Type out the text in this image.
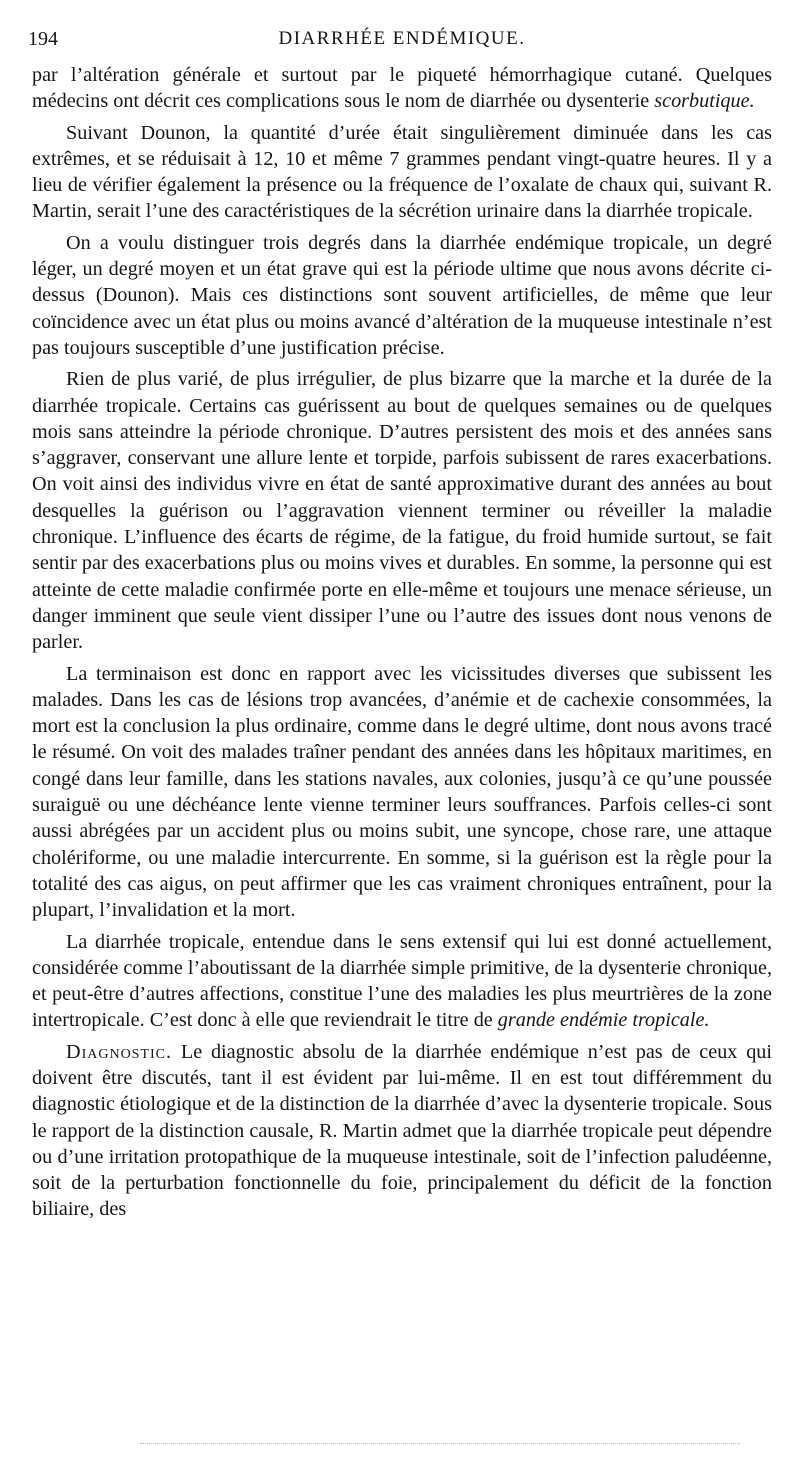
194	DIARRHÉE ENDÉMIQUE.

par l’altération générale et surtout par le piqueté hémorrhagique cutané. Quelques médecins ont décrit ces complications sous le nom de diarrhée ou dysenterie scorbutique.

Suivant Dounon, la quantité d’urée était singulièrement diminuée dans les cas extrêmes, et se réduisait à 12, 10 et même 7 grammes pendant vingt-quatre heures. Il y a lieu de vérifier également la présence ou la fréquence de l’oxalate de chaux qui, suivant R. Martin, serait l’une des caractéristiques de la sécrétion urinaire dans la diarrhée tropicale.

On a voulu distinguer trois degrés dans la diarrhée endémique tropicale, un degré léger, un degré moyen et un état grave qui est la période ultime que nous avons décrite ci-dessus (Dounon). Mais ces distinctions sont souvent artificielles, de même que leur coïncidence avec un état plus ou moins avancé d’altération de la muqueuse intestinale n’est pas toujours susceptible d’une justification précise.

Rien de plus varié, de plus irrégulier, de plus bizarre que la marche et la durée de la diarrhée tropicale. Certains cas guérissent au bout de quelques semaines ou de quelques mois sans atteindre la période chronique. D’autres persistent des mois et des années sans s’aggraver, conservant une allure lente et torpide, parfois subissent de rares exacerbations. On voit ainsi des individus vivre en état de santé approximative durant des années au bout desquelles la guérison ou l’aggravation viennent terminer ou réveiller la maladie chronique. L’influence des écarts de régime, de la fatigue, du froid humide surtout, se fait sentir par des exacerbations plus ou moins vives et durables. En somme, la personne qui est atteinte de cette maladie confirmée porte en elle-même et toujours une menace sérieuse, un danger imminent que seule vient dissiper l’une ou l’autre des issues dont nous venons de parler.

La terminaison est donc en rapport avec les vicissitudes diverses que subissent les malades. Dans les cas de lésions trop avancées, d’anémie et de cachexie consommées, la mort est la conclusion la plus ordinaire, comme dans le degré ultime, dont nous avons tracé le résumé. On voit des malades traîner pendant des années dans les hôpitaux maritimes, en congé dans leur famille, dans les stations navales, aux colonies, jusqu’à ce qu’une poussée suraiguë ou une déchéance lente vienne terminer leurs souffrances. Parfois celles-ci sont aussi abrégées par un accident plus ou moins subit, une syncope, chose rare, une attaque cholériforme, ou une maladie intercurrente. En somme, si la guérison est la règle pour la totalité des cas aigus, on peut affirmer que les cas vraiment chroniques entraînent, pour la plupart, l’invalidation et la mort.

La diarrhée tropicale, entendue dans le sens extensif qui lui est donné actuellement, considérée comme l’aboutissant de la diarrhée simple primitive, de la dysenterie chronique, et peut-être d’autres affections, constitue l’une des maladies les plus meurtrières de la zone intertropicale. C’est donc à elle que reviendrait le titre de grande endémie tropicale.

Diagnostic. Le diagnostic absolu de la diarrhée endémique n’est pas de ceux qui doivent être discutés, tant il est évident par lui-même. Il en est tout différemment du diagnostic étiologique et de la distinction de la diarrhée d’avec la dysenterie tropicale. Sous le rapport de la distinction causale, R. Martin admet que la diarrhée tropicale peut dépendre ou d’une irritation protopathique de la muqueuse intestinale, soit de l’infection paludéenne, soit de la perturbation fonctionnelle du foie, principalement du déficit de la fonction biliaire, des
